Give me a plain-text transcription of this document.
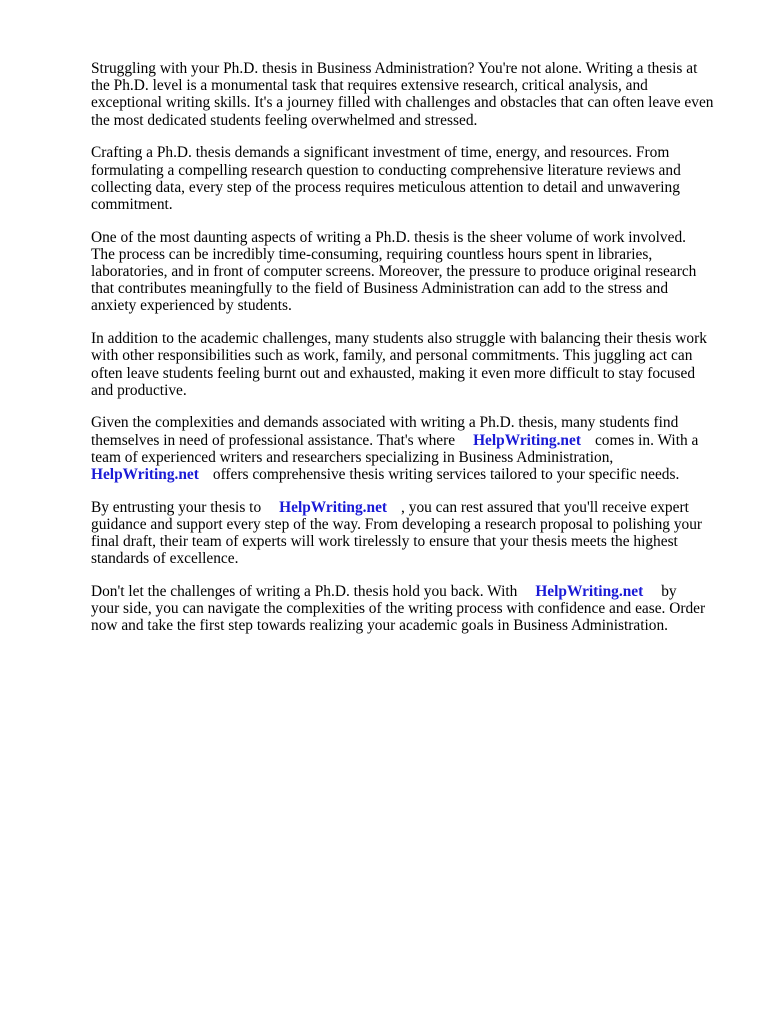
Struggling with your Ph.D. thesis in Business Administration? You're not alone. Writing a thesis at
the Ph.D. level is a monumental task that requires extensive research, critical analysis, and
exceptional writing skills. It's a journey filled with challenges and obstacles that can often leave even
the most dedicated students feeling overwhelmed and stressed.

Crafting a Ph.D. thesis demands a significant investment of time, energy, and resources. From
formulating a compelling research question to conducting comprehensive literature reviews and
collecting data, every step of the process requires meticulous attention to detail and unwavering
commitment.

One of the most daunting aspects of writing a Ph.D. thesis is the sheer volume of work involved.
The process can be incredibly time-consuming, requiring countless hours spent in libraries,
laboratories, and in front of computer screens. Moreover, the pressure to produce original research
that contributes meaningfully to the field of Business Administration can add to the stress and
anxiety experienced by students.

In addition to the academic challenges, many students also struggle with balancing their thesis work
with other responsibilities such as work, family, and personal commitments. This juggling act can
often leave students feeling burnt out and exhausted, making it even more difficult to stay focused
and productive.

Given the complexities and demands associated with writing a Ph.D. thesis, many students find
themselves in need of professional assistance. That's where HelpWriting.net comes in. With a
team of experienced writers and researchers specializing in Business Administration,
HelpWriting.net offers comprehensive thesis writing services tailored to your specific needs.

By entrusting your thesis to HelpWriting.net , you can rest assured that you'll receive expert
guidance and support every step of the way. From developing a research proposal to polishing your
final draft, their team of experts will work tirelessly to ensure that your thesis meets the highest
standards of excellence.

Don't let the challenges of writing a Ph.D. thesis hold you back. With HelpWriting.net by
your side, you can navigate the complexities of the writing process with confidence and ease. Order
now and take the first step towards realizing your academic goals in Business Administration.
